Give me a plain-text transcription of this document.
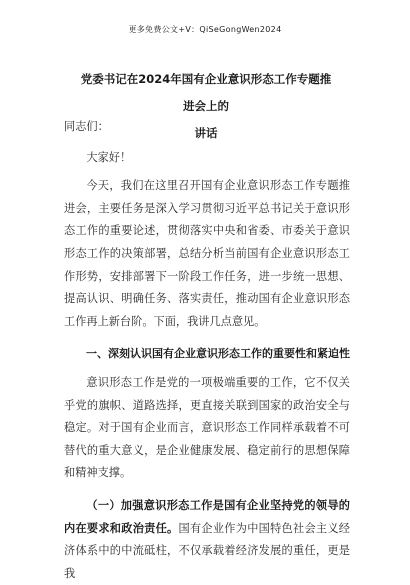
更多免费公文+V：QiSeGongWen2024
党委书记在2024年国有企业意识形态工作专题推进会上的
讲话

同志们：

大家好！

今天，我们在这里召开国有企业意识形态工作专题推进会，主要任务是深入学习贯彻习近平总书记关于意识形态工作的重要论述，贯彻落实中央和省委、市委关于意识形态工作的决策部署，总结分析当前国有企业意识形态工作形势，安排部署下一阶段工作任务，进一步统一思想、提高认识、明确任务、落实责任，推动国有企业意识形态工作再上新台阶。下面，我讲几点意见。

一、深刻认识国有企业意识形态工作的重要性和紧迫性

意识形态工作是党的一项极端重要的工作，它不仅关乎党的旗帜、道路选择，更直接关联到国家的政治安全与稳定。对于国有企业而言，意识形态工作同样承载着不可替代的重大意义，是企业健康发展、稳定前行的思想保障和精神支撑。

（一）加强意识形态工作是国有企业坚持党的领导的内在要求和政治责任。国有企业作为中国特色社会主义经济体系中的中流砥柱，不仅承载着经济发展的重任，更是我
